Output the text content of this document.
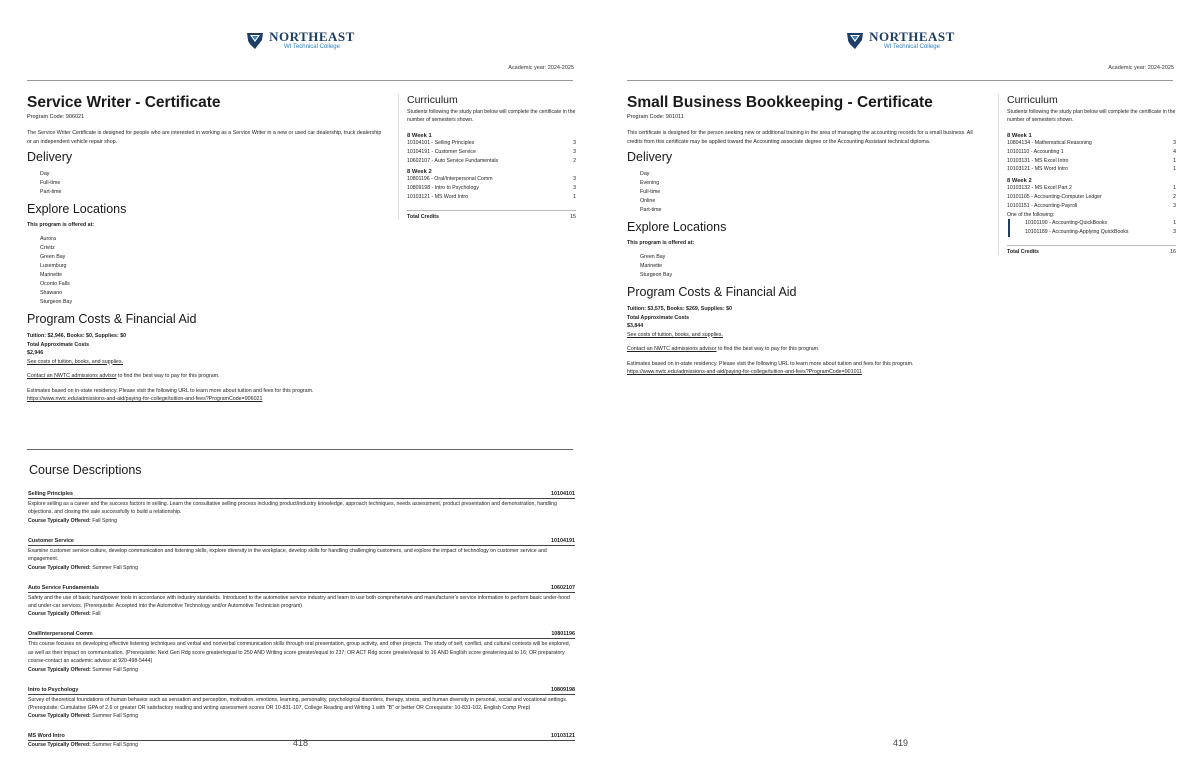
NORTHEAST
WI Technical College
Academic year: 2024-2025
Service Writer - Certificate
Program Code: 906021
The Service Writer Certificate is designed for people who are interested in working as a Service Writer in a new or used car dealership, truck dealership or an independent vehicle repair shop.
Delivery
Day
Full-time
Part-time
Explore Locations
This program is offered at:
Aurora
Crivitz
Green Bay
Luxemburg
Marinette
Oconto Falls
Shawano
Sturgeon Bay
Program Costs & Financial Aid
Tuition: $2,946, Books: $0, Supplies: $0
Total Approximate Costs
$2,946
See costs of tuition, books, and supplies.
Contact an NWTC admissions advisor to find the best way to pay for this program.
Estimates based on in-state residency. Please visit the following URL to learn more about tuition and fees for this program.
https://www.nwtc.edu/admissions-and-aid/paying-for-college/tuition-and-fees?ProgramCode=906021
Curriculum
Students following the study plan below will complete the certificate in the number of semesters shown.
8 Week 1
10104101 - Selling Principles	3
10104191 - Customer Service	3
10602107 - Auto Service Fundamentals	2
8 Week 2
10801196 - Oral/Interpersonal Comm	3
10809198 - Intro to Psychology	3
10103121 - MS Word Intro	1
Total Credits	15
Course Descriptions
Selling Principles	10104101
Explore selling as a career and the success factors in selling. Learn the consultative selling process including product/industry knowledge, approach techniques, needs assessment, product presentation and demonstration, handling objections, and closing the sale successfully to build a relationship.
Course Typically Offered: Fall Spring
Customer Service	10104191
Examine customer service culture, develop communication and listening skills, explore diversity in the workplace, develop skills for handling challenging customers, and explore the impact of technology on customer service and engagement.
Course Typically Offered: Summer Fall Spring
Auto Service Fundamentals	10602107
Safety and the use of basic hand/power tools in accordance with industry standards. Introduced to the automotive service industry and learn to use both comprehensive and manufacturer's service information to perform basic under-hood and under-car services. (Prerequisite: Accepted into the Automotive Technology and/or Automotive Technician program)
Course Typically Offered: Fall
Oral/Interpersonal Comm	10801196
This course focuses on developing effective listening techniques and verbal and nonverbal communication skills through oral presentation, group activity, and other projects. The study of self, conflict, and cultural contexts will be explored, as well as their impact on communication. (Prerequisite: Next Gen Rdg score greater/equal to 250 AND Writing score greater/equal to 237; OR ACT Rdg score greater/equal to 16 AND English score greater/equal to 16; OR preparatory course-contact an academic advisor at 920-498-5444)
Course Typically Offered: Summer Fall Spring
Intro to Psychology	10809198
Survey of theoretical foundations of human behavior such as sensation and perception, motivation, emotions, learning, personality, psychological disorders, therapy, stress, and human diversity in personal, social and vocational settings. (Prerequisite: Cumulative GPA of 2.6 or greater OR satisfactory reading and writing assessment scores OR 10-831-107, College Reading and Writing 1 with "B" or better OR Corequisite: 10-831-102, English Comp Prep)
Course Typically Offered: Summer Fall Spring
MS Word Intro	10103121
Course Typically Offered: Summer Fall Spring	418
NORTHEAST
WI Technical College
Academic year: 2024-2025
Small Business Bookkeeping - Certificate
Program Code: 901011
This certificate is designed for the person seeking new or additional training in the area of managing the accounting records for a small business. All credits from this certificate may be applied toward the Accounting associate degree or the Accounting Assistant technical diploma.
Delivery
Day
Evening
Full-time
Online
Part-time
Explore Locations
This program is offered at:
Green Bay
Marinette
Sturgeon Bay
Program Costs & Financial Aid
Tuition: $3,575, Books: $269, Supplies: $0
Total Approximate Costs
$3,844
See costs of tuition, books, and supplies.
Contact an NWTC admissions advisor to find the best way to pay for this program.
Estimates based on in-state residency. Please visit the following URL to learn more about tuition and fees for this program.
https://www.nwtc.edu/admissions-and-aid/paying-for-college/tuition-and-fees?ProgramCode=901011
Curriculum
Students following the study plan below will complete the certificate in the number of semesters shown.
8 Week 1
10804134 - Mathematical Reasoning	3
10101110 - Accounting 1	4
10103131 - MS Excel Intro	1
10103121 - MS Word Intro	1
8 Week 2
10103132 - MS Excel Part 2	1
10101105 - Accounting-Computer Ledger	2
10101151 - Accounting-Payroll	3
One of the following:
10101190 - Accounting-QuickBooks	1
10101189 - Accounting-Applying QuickBooks	3
Total Credits	16
419
